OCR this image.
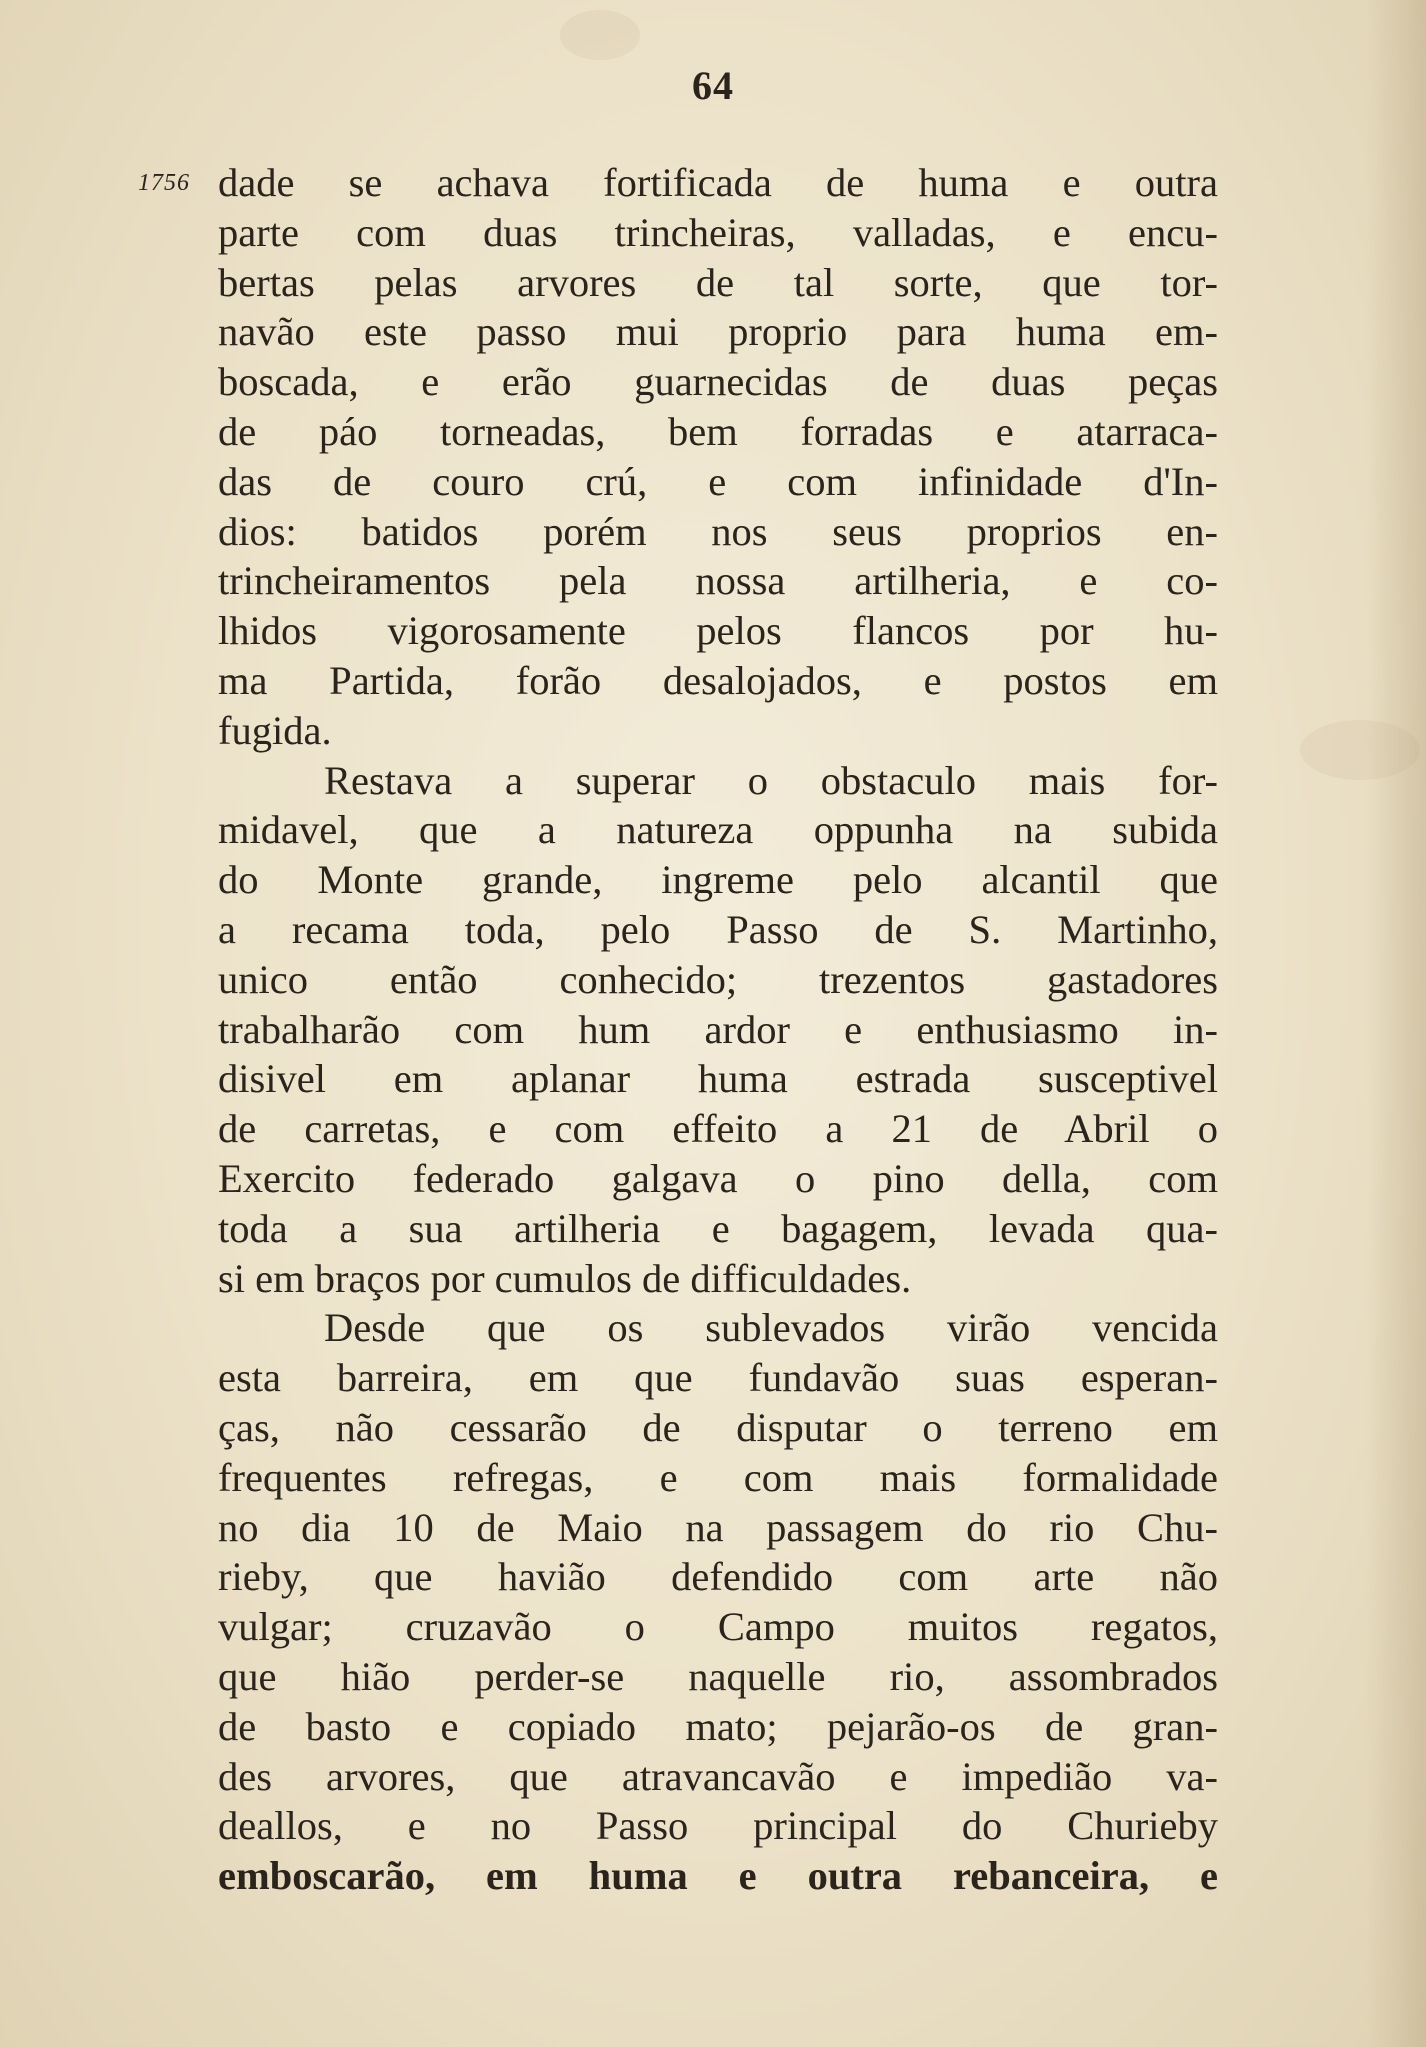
64
1756 dade se achava fortificada de huma e outra
parte com duas trincheiras, valladas, e encu-
bertas pelas arvores de tal sorte, que tor-
navão este passo mui proprio para huma em-
boscada, e erão guarnecidas de duas peças
de páo torneadas, bem forradas e atarraca-
das de couro crú, e com infinidade d'In-
dios: batidos porém nos seus proprios en-
trincheiramentos pela nossa artilheria, e co-
lhidos vigorosamente pelos flancos por hu-
ma Partida, forão desalojados, e postos em
fugida.
Restava a superar o obstaculo mais for-
midavel, que a natureza oppunha na subida
do Monte grande, ingreme pelo alcantil que
a recama toda, pelo Passo de S. Martinho,
unico então conhecido; trezentos gastadores
trabalharão com hum ardor e enthusiasmo in-
disivel em aplanar huma estrada susceptivel
de carretas, e com effeito a 21 de Abril o
Exercito federado galgava o pino della, com
toda a sua artilheria e bagagem, levada qua-
si em braços por cumulos de difficuldades.
Desde que os sublevados virão vencida
esta barreira, em que fundavão suas esperan-
ças, não cessarão de disputar o terreno em
frequentes refregas, e com mais formalidade
no dia 10 de Maio na passagem do rio Chu-
rieby, que havião defendido com arte não
vulgar; cruzavão o Campo muitos regatos,
que hião perder-se naquelle rio, assombrados
de basto e copiado mato; pejarão-os de gran-
des arvores, que atravancavão e impedião va-
deallos, e no Passo principal do Churieby
emboscarão, em huma e outra rebanceira, e
